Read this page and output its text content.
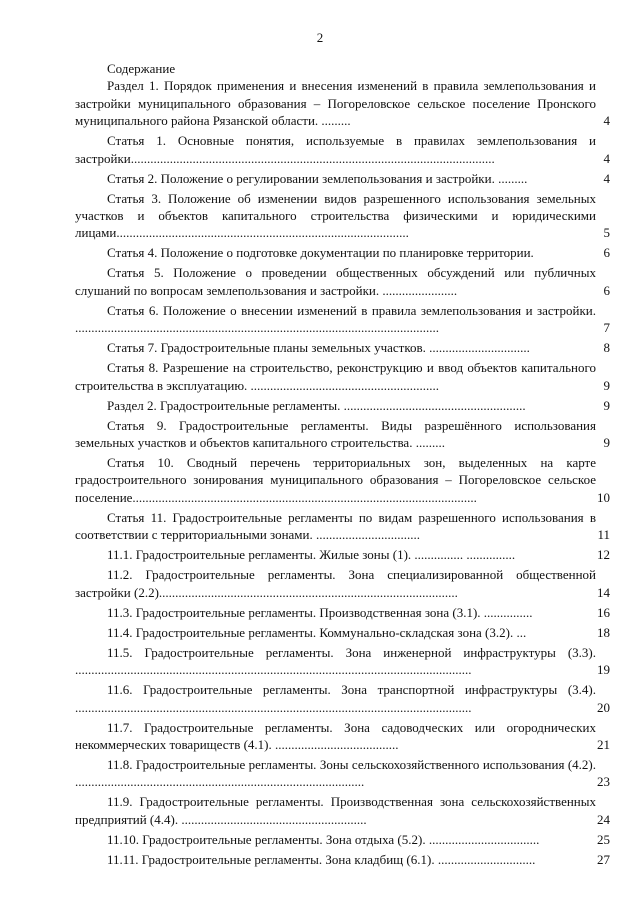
2
Содержание
Раздел 1. Порядок применения и внесения изменений в правила землепользования и застройки муниципального образования – Погореловское сельское поселение Пронского муниципального района Рязанской области. .........	4
Статья 1. Основные понятия, используемые в правилах землепользования и застройки................................................................................................................	4
Статья 2. Положение о регулировании землепользования и застройки. .........	4
Статья 3. Положение об изменении видов разрешенного использования земельных участков и объектов капитального строительства физическими и юридическими лицами..........................................................................................	5
Статья 4. Положение о подготовке документации по планировке территории.	6
Статья 5. Положение о проведении общественных обсуждений или публичных слушаний по вопросам землепользования и застройки. .......................	6
Статья 6. Положение о внесении изменений в правила землепользования и застройки. ................................................................................................................	7
Статья 7. Градостроительные планы земельных участков. ...............................	8
Статья 8. Разрешение на строительство, реконструкцию и ввод объектов капитального строительства в эксплуатацию. ..........................................................	9
Раздел 2. Градостроительные регламенты. ........................................................	9
Статья 9. Градостроительные регламенты. Виды разрешённого использования земельных участков и объектов капитального строительства. .........	9
Статья 10. Сводный перечень территориальных зон, выделенных на карте градостроительного зонирования муниципального образования – Погореловское сельское поселение..........................................................................................................	10
Статья 11. Градостроительные регламенты по видам разрешенного использования в соответствии с территориальными зонами. ................................	11
11.1. Градостроительные регламенты. Жилые зоны (1). ............... ...............	12
11.2. Градостроительные регламенты. Зона специализированной общественной застройки (2.2)............................................................................................	14
11.3. Градостроительные регламенты. Производственная зона (3.1). ...............	16
11.4. Градостроительные регламенты. Коммунально-складская зона (3.2). ...	18
11.5. Градостроительные регламенты. Зона инженерной инфраструктуры (3.3). ..........................................................................................................................	19
11.6. Градостроительные регламенты. Зона транспортной инфраструктуры (3.4). ..........................................................................................................................	20
11.7. Градостроительные регламенты. Зона садоводческих или огороднических некоммерческих товариществ (4.1). ......................................	21
11.8. Градостроительные регламенты. Зоны сельскохозяйственного использования (4.2). .........................................................................................	23
11.9. Градостроительные регламенты. Производственная зона сельскохозяйственных предприятий (4.4). .........................................................	24
11.10. Градостроительные регламенты. Зона отдыха (5.2). ..................................	25
11.11. Градостроительные регламенты. Зона кладбищ (6.1). ..............................	27
